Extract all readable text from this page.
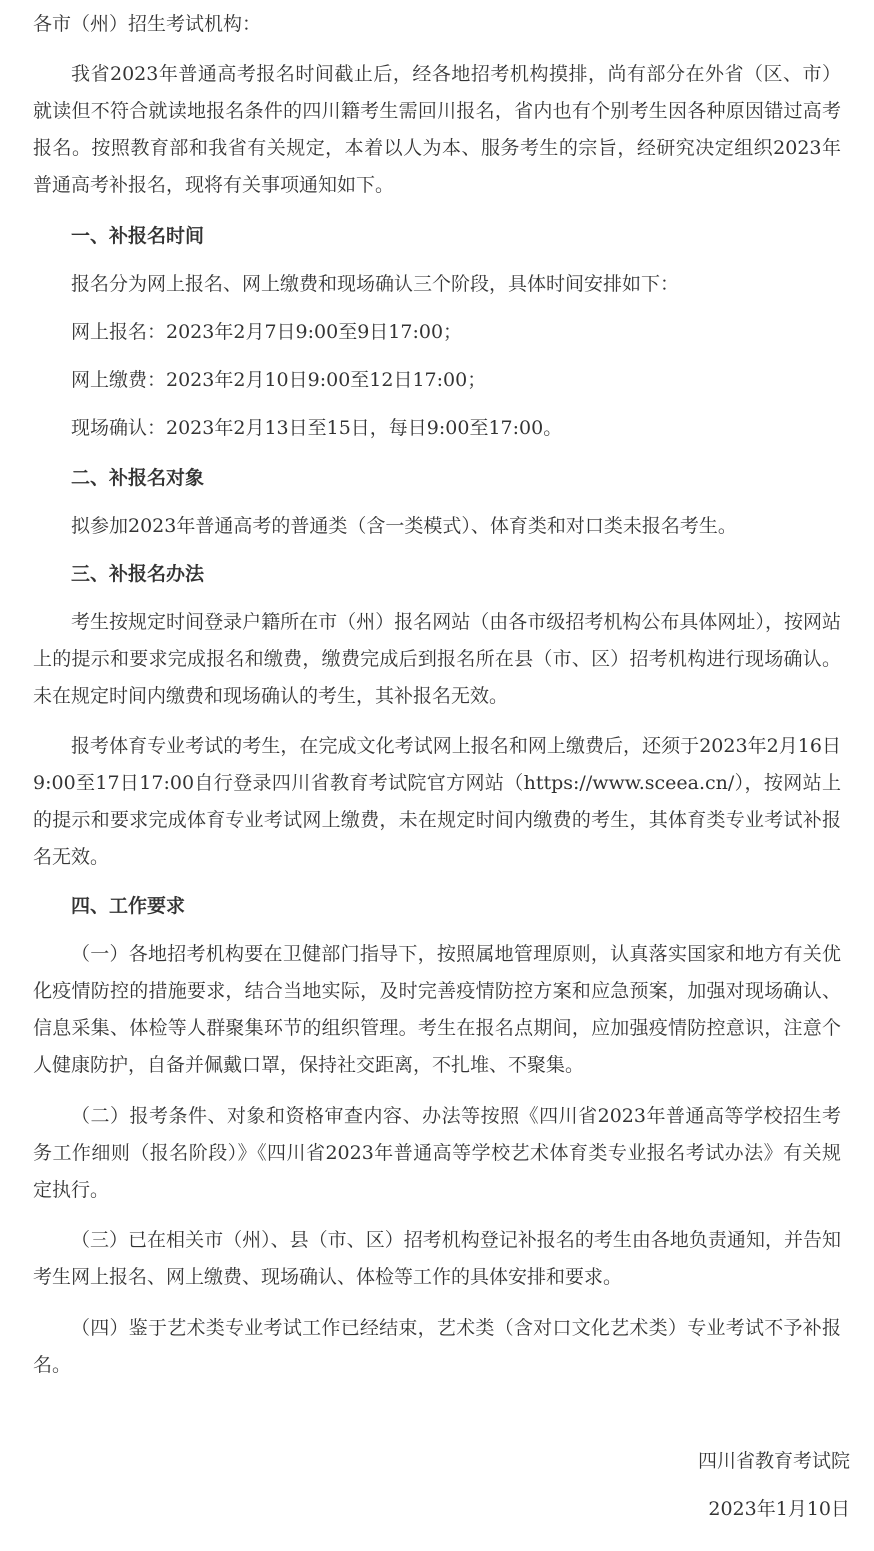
各市（州）招生考试机构：

我省2023年普通高考报名时间截止后，经各地招考机构摸排，尚有部分在外省（区、市）就读但不符合就读地报名条件的四川籍考生需回川报名，省内也有个别考生因各种原因错过高考报名。按照教育部和我省有关规定，本着以人为本、服务考生的宗旨，经研究决定组织2023年普通高考补报名，现将有关事项通知如下。

一、补报名时间

报名分为网上报名、网上缴费和现场确认三个阶段，具体时间安排如下：

网上报名：2023年2月7日9:00至9日17:00；

网上缴费：2023年2月10日9:00至12日17:00；

现场确认：2023年2月13日至15日，每日9:00至17:00。

二、补报名对象

拟参加2023年普通高考的普通类（含一类模式）、体育类和对口类未报名考生。

三、补报名办法

考生按规定时间登录户籍所在市（州）报名网站（由各市级招考机构公布具体网址），按网站上的提示和要求完成报名和缴费，缴费完成后到报名所在县（市、区）招考机构进行现场确认。未在规定时间内缴费和现场确认的考生，其补报名无效。

报考体育专业考试的考生，在完成文化考试网上报名和网上缴费后，还须于2023年2月16日9:00至17日17:00自行登录四川省教育考试院官方网站（https://www.sceea.cn/），按网站上的提示和要求完成体育专业考试网上缴费，未在规定时间内缴费的考生，其体育类专业考试补报名无效。

四、工作要求

（一）各地招考机构要在卫健部门指导下，按照属地管理原则，认真落实国家和地方有关优化疫情防控的措施要求，结合当地实际，及时完善疫情防控方案和应急预案，加强对现场确认、信息采集、体检等人群聚集环节的组织管理。考生在报名点期间，应加强疫情防控意识，注意个人健康防护，自备并佩戴口罩，保持社交距离，不扎堆、不聚集。

（二）报考条件、对象和资格审查内容、办法等按照《四川省2023年普通高等学校招生考务工作细则（报名阶段）》《四川省2023年普通高等学校艺术体育类专业报名考试办法》有关规定执行。

（三）已在相关市（州）、县（市、区）招考机构登记补报名的考生由各地负责通知，并告知考生网上报名、网上缴费、现场确认、体检等工作的具体安排和要求。

（四）鉴于艺术类专业考试工作已经结束，艺术类（含对口文化艺术类）专业考试不予补报名。

四川省教育考试院
2023年1月10日
